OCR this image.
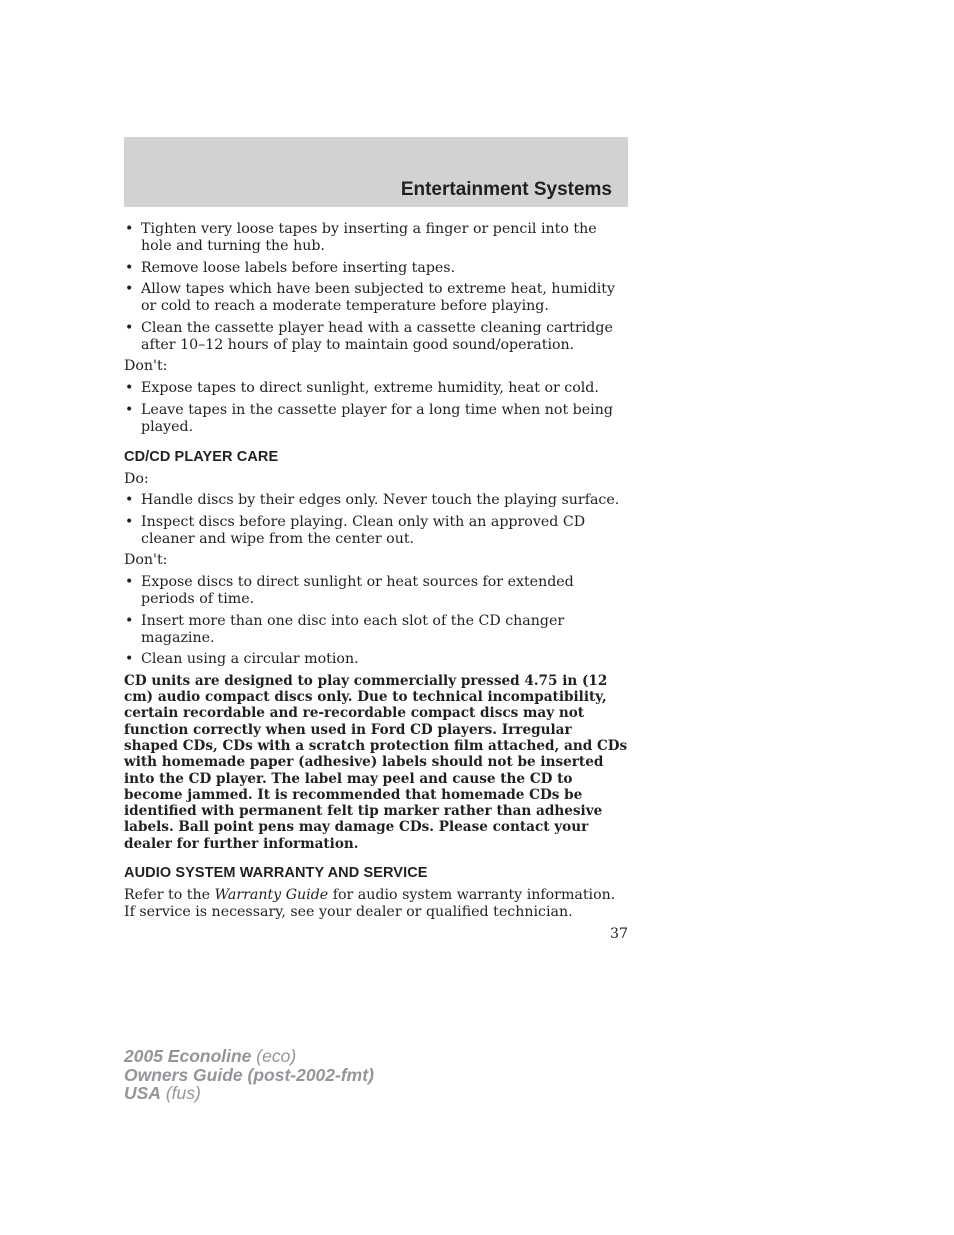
Entertainment Systems
• Tighten very loose tapes by inserting a finger or pencil into the hole and turning the hub.
• Remove loose labels before inserting tapes.
• Allow tapes which have been subjected to extreme heat, humidity or cold to reach a moderate temperature before playing.
• Clean the cassette player head with a cassette cleaning cartridge after 10–12 hours of play to maintain good sound/operation.

Don't:

• Expose tapes to direct sunlight, extreme humidity, heat or cold.
• Leave tapes in the cassette player for a long time when not being played.
CD/CD PLAYER CARE

Do:

• Handle discs by their edges only. Never touch the playing surface.
• Inspect discs before playing. Clean only with an approved CD cleaner and wipe from the center out.

Don't:

• Expose discs to direct sunlight or heat sources for extended periods of time.
• Insert more than one disc into each slot of the CD changer magazine.
• Clean using a circular motion.

CD units are designed to play commercially pressed 4.75 in (12 cm) audio compact discs only. Due to technical incompatibility, certain recordable and re-recordable compact discs may not function correctly when used in Ford CD players. Irregular shaped CDs, CDs with a scratch protection film attached, and CDs with homemade paper (adhesive) labels should not be inserted into the CD player. The label may peel and cause the CD to become jammed. It is recommended that homemade CDs be identified with permanent felt tip marker rather than adhesive labels. Ball point pens may damage CDs. Please contact your dealer for further information.

AUDIO SYSTEM WARRANTY AND SERVICE

Refer to the Warranty Guide for audio system warranty information. If service is necessary, see your dealer or qualified technician.

37
2005 Econoline (eco)
Owners Guide (post-2002-fmt)
USA (fus)
